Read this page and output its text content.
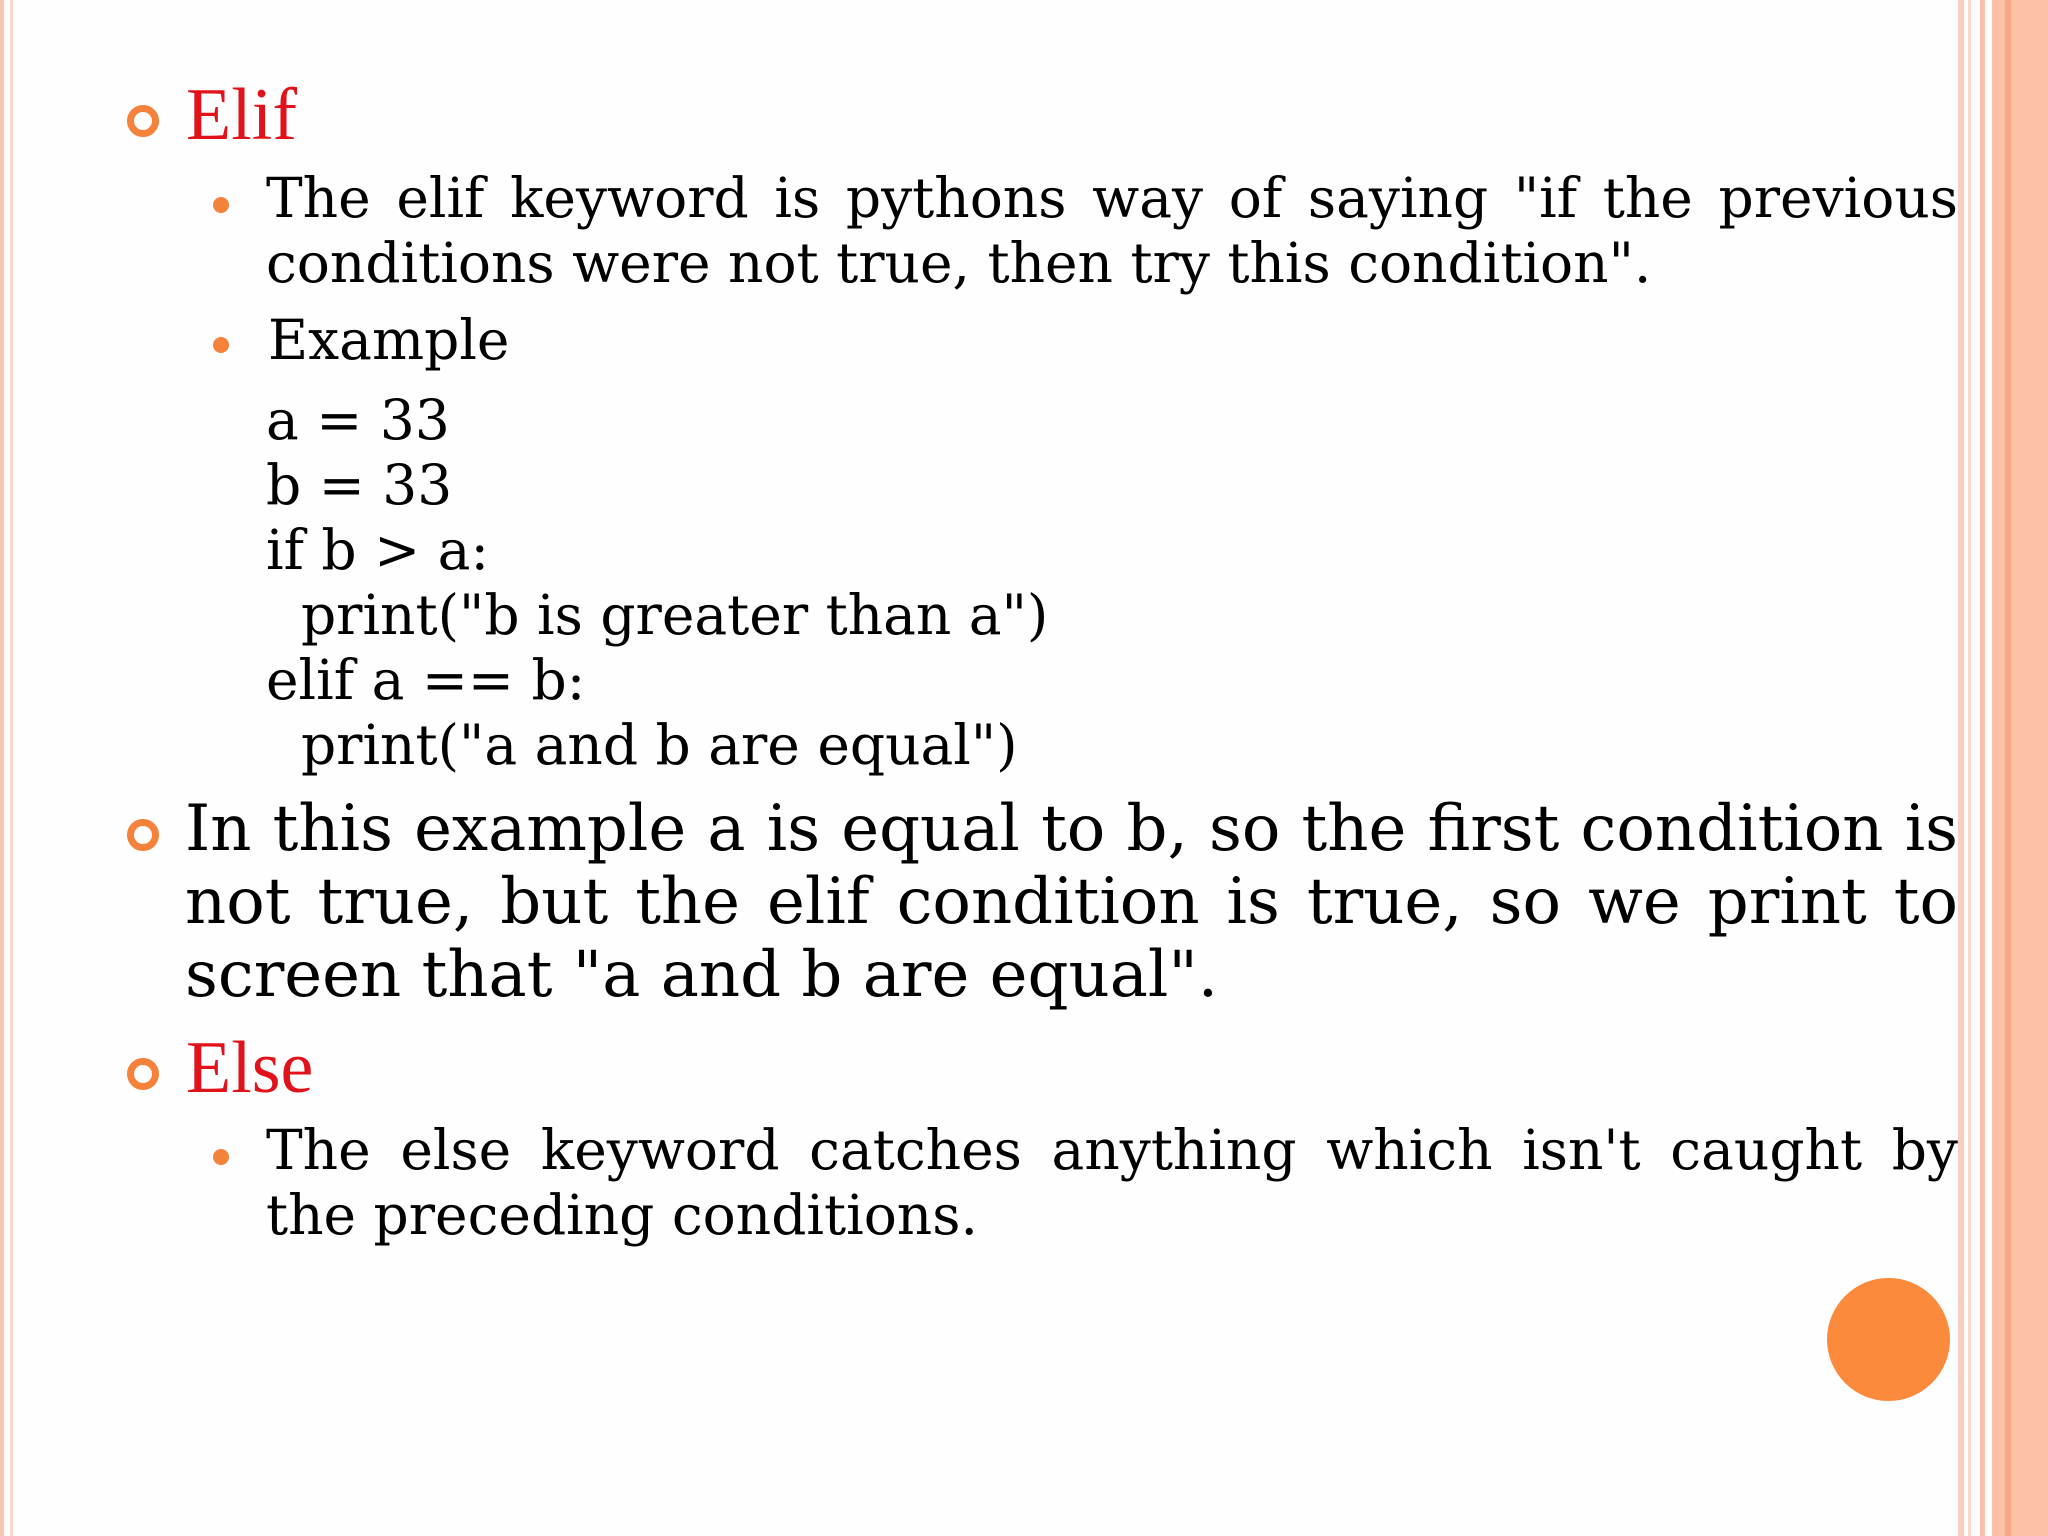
Elif
The elif keyword is pythons way of saying "if the previous conditions were not true, then try this condition".
Example
a = 33
b = 33
if b > a:
print("b is greater than a")
elif a == b:
print("a and b are equal")
In this example a is equal to b, so the first condition is not true, but the elif condition is true, so we print to screen that "a and b are equal".
Else
The else keyword catches anything which isn't caught by the preceding conditions.
